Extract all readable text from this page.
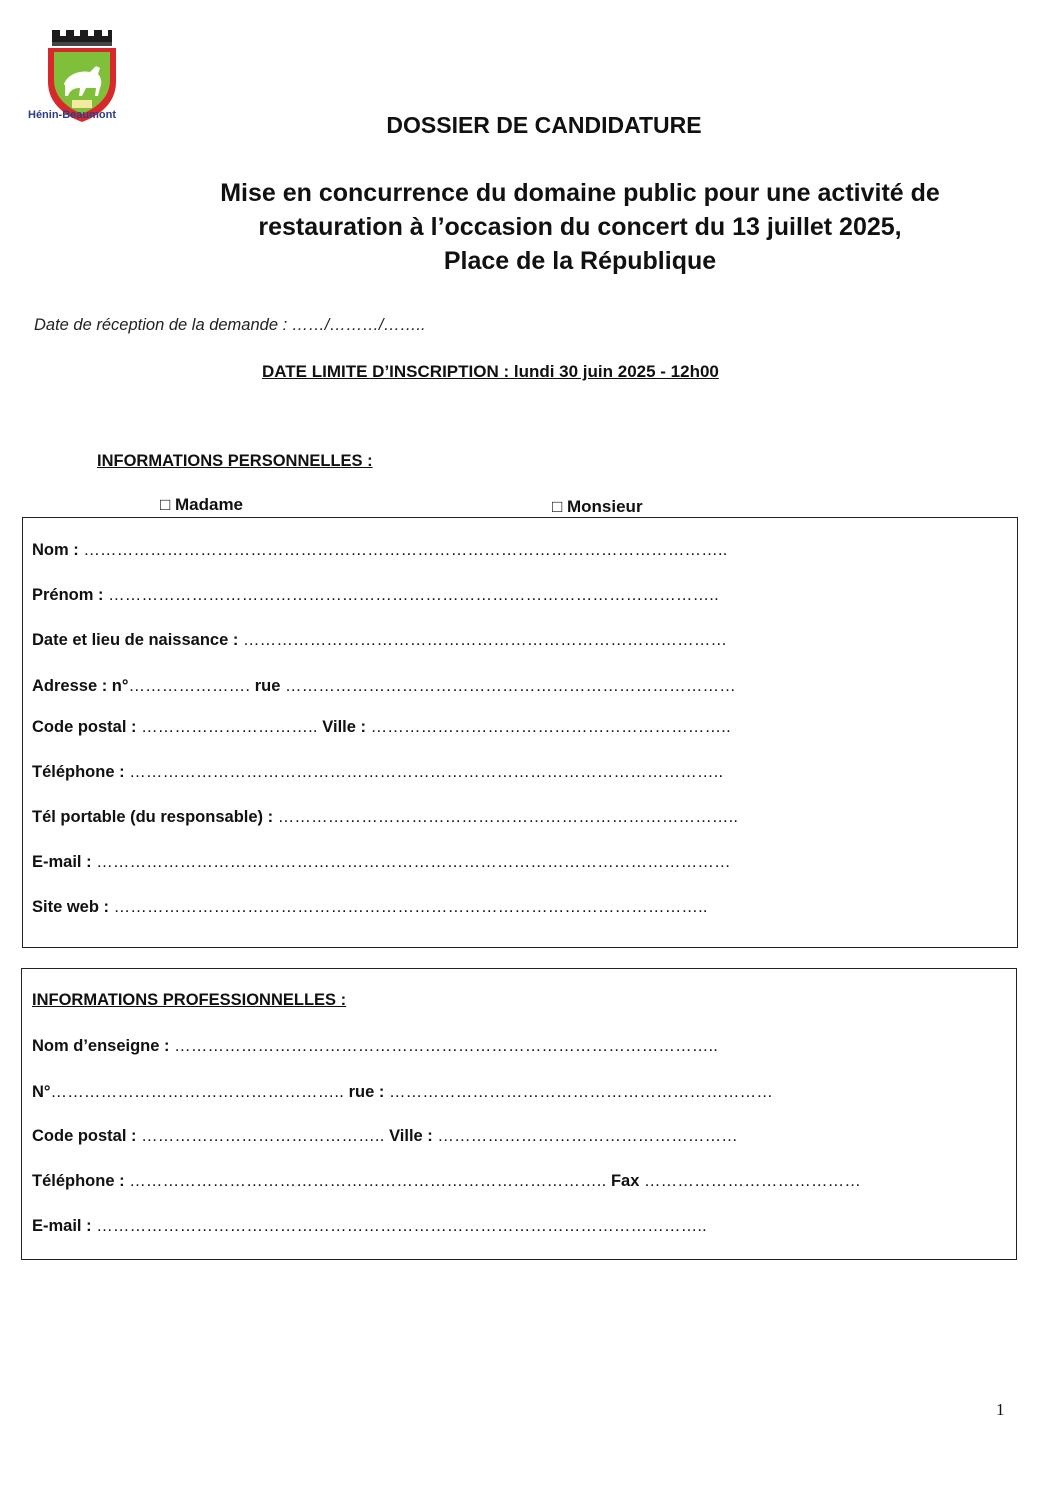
Hénin-Beaumont	DOSSIER DE CANDIDATURE
Mise en concurrence du domaine public pour une activité de
restauration à l’occasion du concert du 13 juillet 2025,
Place de la République
Date de réception de la demande : ……/………/……..
DATE LIMITE D’INSCRIPTION : lundi 30 juin 2025 - 12h00
INFORMATIONS PERSONNELLES :
□ Madame	□ Monsieur
Nom : ……………………………………………………………………………………………………..
Prénom : ………………………………………………………………………………………………..
Date et lieu de naissance : ……………………………………………………………………………
Adresse : n°…………………. rue ………………………………………………………………………
Code postal : ………………………….. Ville : ………………………………………………………..
Téléphone : ……………………………………………………………………………………………..
Tél portable (du responsable) : ………………………………………………………………………..
E-mail : ……………………………………………………………………………………………………
Site web : ……………………………………………………………………………………………..
INFORMATIONS PROFESSIONNELLES :
Nom d’enseigne : ……………………………………………………………………………………..
N°…………………………………………….. rue : ……………………………………………………………
Code postal : …………………………………….. Ville : ………………………………………………
Téléphone : ………………………………………………………………………….. Fax …………………………………
E-mail : ………………………………………………………………………………………………..
1
